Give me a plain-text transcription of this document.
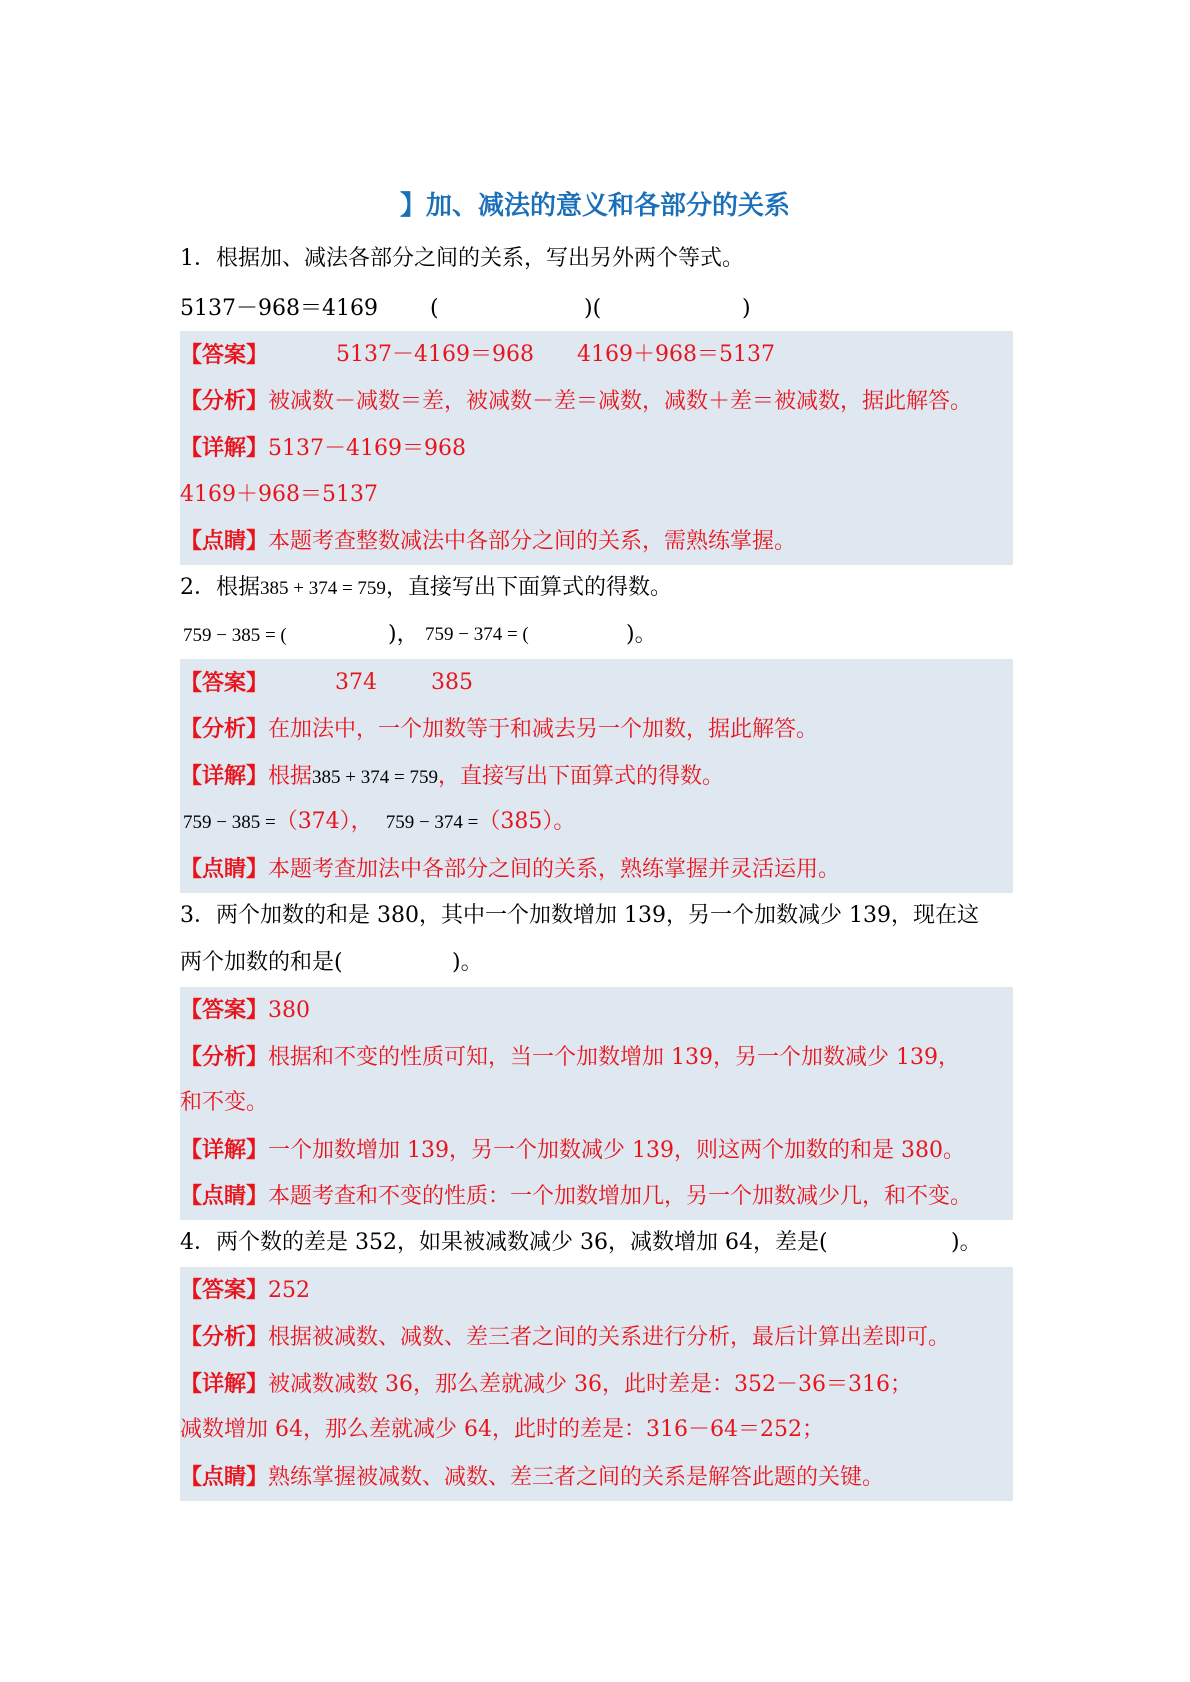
】加、减法的意义和各部分的关系
1．根据加、减法各部分之间的关系，写出另外两个等式。
5137－968＝4169 (	)(	)
【答案】	5137－4169＝968 4169＋968＝5137
【分析】被减数－减数＝差，被减数－差＝减数，减数＋差＝被减数，据此解答。
【详解】5137－4169＝968
4169＋968＝5137
【点睛】本题考查整数减法中各部分之间的关系，需熟练掌握。
2．根据385 + 374 = 759，直接写出下面算式的得数。
759 − 385 = (	)， 759 − 374 = (	)。
【答案】	374 385
【分析】在加法中，一个加数等于和减去另一个加数，据此解答。
【详解】根据385 + 374 = 759，直接写出下面算式的得数。
759 − 385 =（374）， 759 − 374 =（385）。
【点睛】本题考查加法中各部分之间的关系，熟练掌握并灵活运用。
3．两个加数的和是 380，其中一个加数增加 139，另一个加数减少 139，现在这
两个加数的和是(	)。
【答案】380
【分析】根据和不变的性质可知，当一个加数增加 139，另一个加数减少 139，
和不变。
【详解】一个加数增加 139，另一个加数减少 139，则这两个加数的和是 380。
【点睛】本题考查和不变的性质：一个加数增加几，另一个加数减少几，和不变。
4．两个数的差是 352，如果被减数减少 36，减数增加 64，差是(	)。
【答案】252
【分析】根据被减数、减数、差三者之间的关系进行分析，最后计算出差即可。
【详解】被减数减数 36，那么差就减少 36，此时差是：352－36＝316；
减数增加 64，那么差就减少 64，此时的差是：316－64＝252；
【点睛】熟练掌握被减数、减数、差三者之间的关系是解答此题的关键。
